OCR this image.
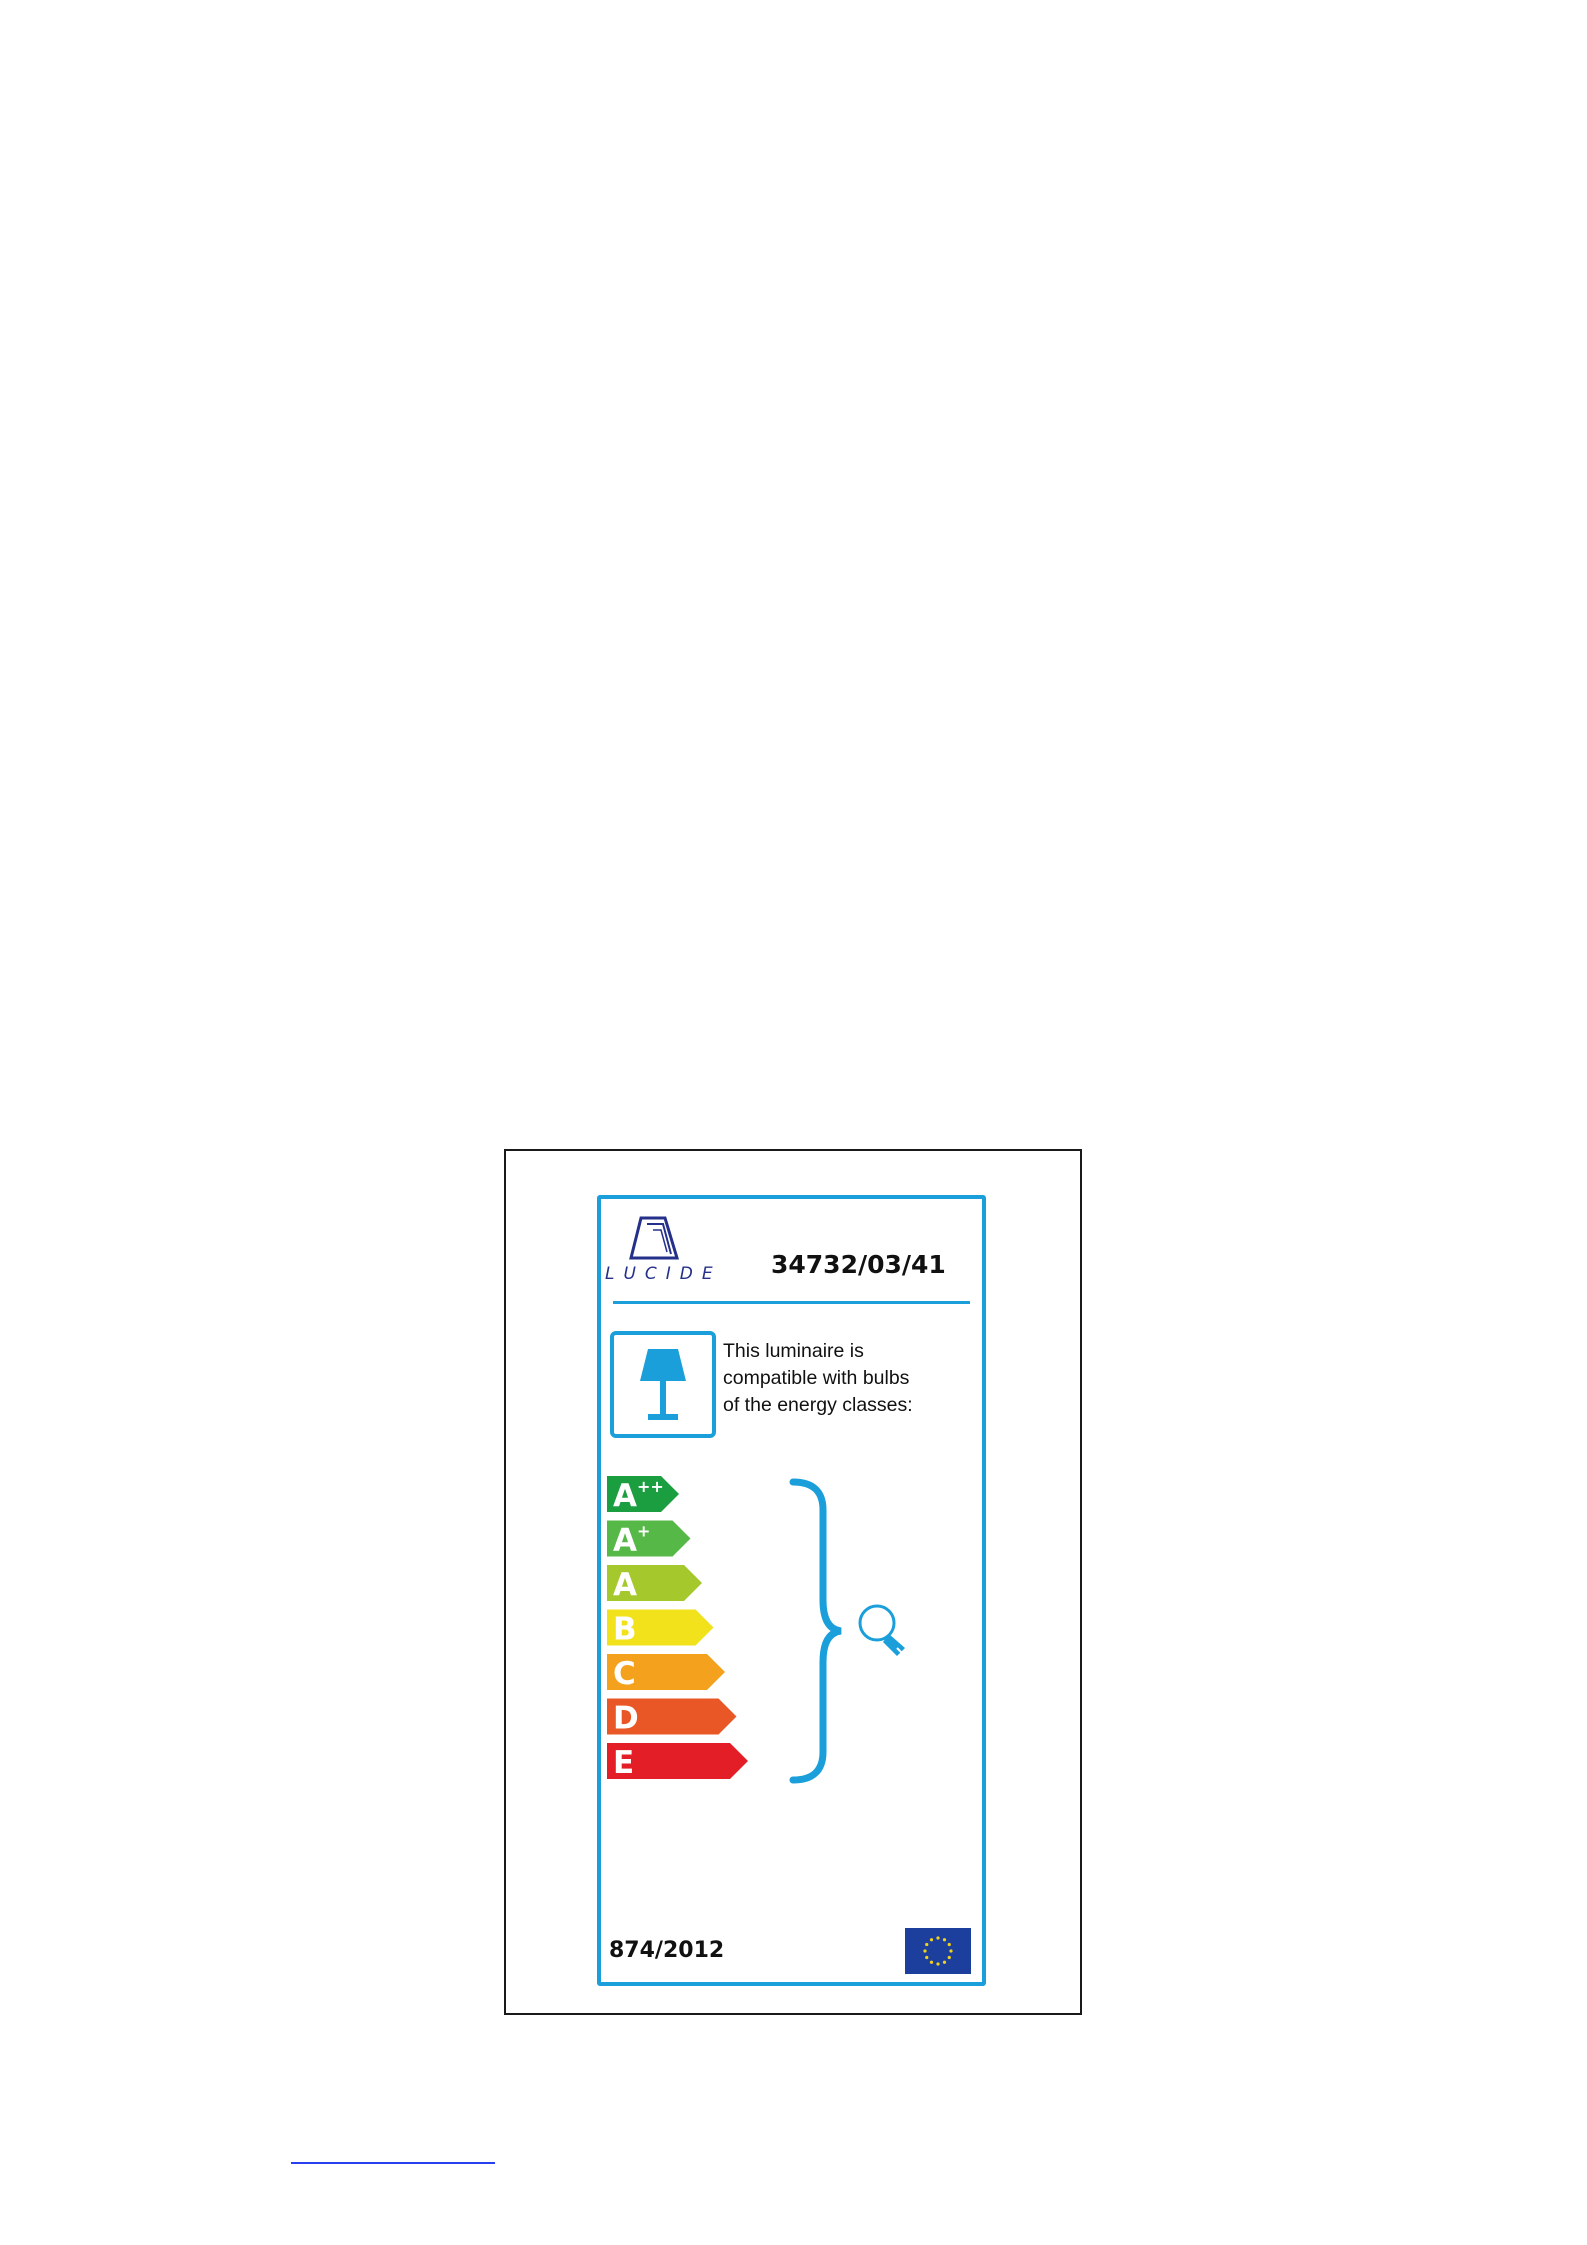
LUCIDE 34732/03/41
This luminaire is
compatible with bulbs
of the energy classes:
A++
A+
A
B
C
D
E
874/2012
